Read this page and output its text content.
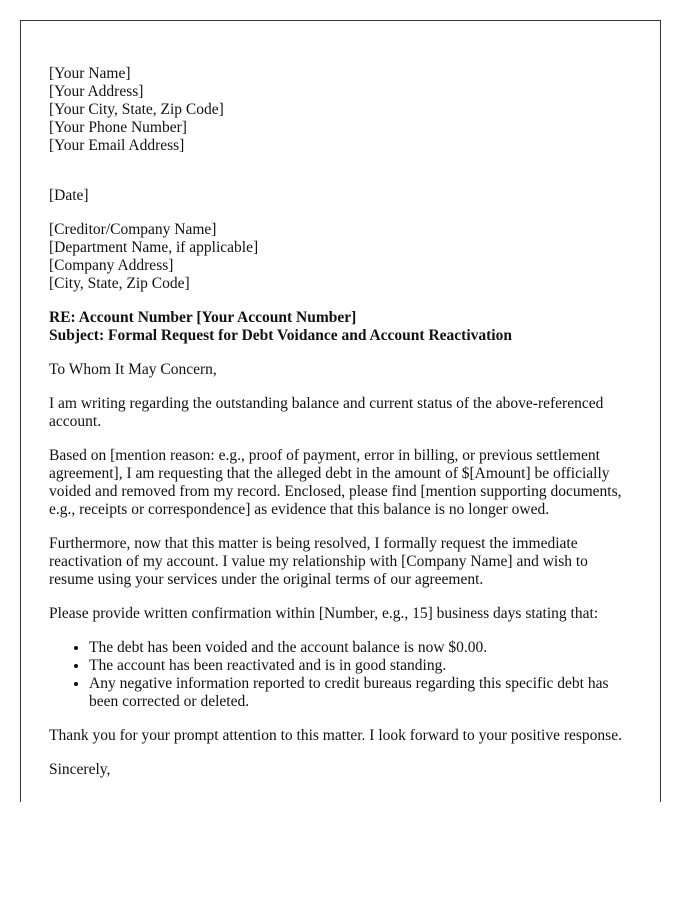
[Your Name]
[Your Address]
[Your City, State, Zip Code]
[Your Phone Number]
[Your Email Address]

[Date]

[Creditor/Company Name]
[Department Name, if applicable]
[Company Address]
[City, State, Zip Code]
RE: Account Number [Your Account Number]
Subject: Formal Request for Debt Voidance and Account Reactivation

To Whom It May Concern,

I am writing regarding the outstanding balance and current status of the above-referenced account.

Based on [mention reason: e.g., proof of payment, error in billing, or previous settlement agreement], I am requesting that the alleged debt in the amount of $[Amount] be officially voided and removed from my record. Enclosed, please find [mention supporting documents, e.g., receipts or correspondence] as evidence that this balance is no longer owed.

Furthermore, now that this matter is being resolved, I formally request the immediate reactivation of my account. I value my relationship with [Company Name] and wish to resume using your services under the original terms of our agreement.

Please provide written confirmation within [Number, e.g., 15] business days stating that:

• The debt has been voided and the account balance is now $0.00.
• The account has been reactivated and is in good standing.
• Any negative information reported to credit bureaus regarding this specific debt has been corrected or deleted.

Thank you for your prompt attention to this matter. I look forward to your positive response.

Sincerely,
